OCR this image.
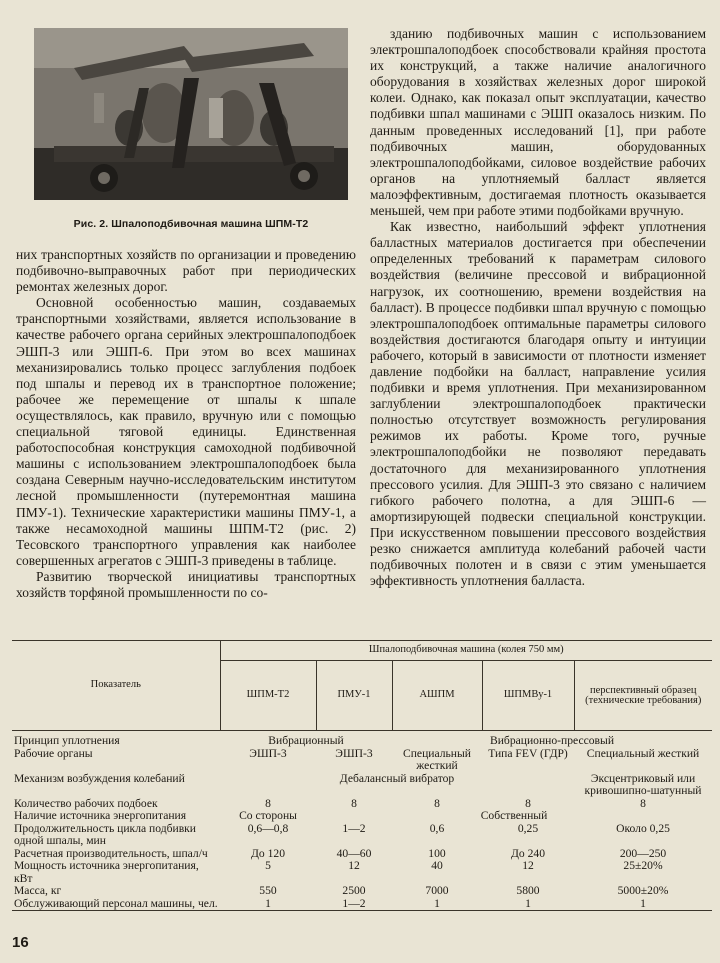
Рис. 2. Шпалоподбивочная машина ШПМ-Т2

них транспортных хозяйств по организации и проведению подбивочно-выправочных работ при периодических ремонтах железных дорог.

Основной особенностью машин, создаваемых транспортными хозяйствами, является использование в качестве рабочего органа серийных электрошпалоподбоек ЭШП-3 или ЭШП-6. При этом во всех машинах механизировались только процесс заглубления подбоек под шпалы и перевод их в транспортное положение; рабочее же перемещение от шпалы к шпале осуществлялось, как правило, вручную или с помощью специальной тяговой единицы. Единственная работоспособная конструкция самоходной подбивочной машины с использованием электрошпалоподбоек была создана Северным научно-исследовательским институтом лесной промышленности (путеремонтная машина ПМУ-1). Технические характеристики машины ПМУ-1, а также несамоходной машины ШПМ-Т2 (рис. 2) Тесовского транспортного управления как наиболее совершенных агрегатов с ЭШП-3 приведены в таблице.

Развитию творческой инициативы транспортных хозяйств торфяной промышленности по со-

зданию подбивочных машин с использованием электрошпалоподбоек способствовали крайняя простота их конструкций, а также наличие аналогичного оборудования в хозяйствах железных дорог широкой колеи. Однако, как показал опыт эксплуатации, качество подбивки шпал машинами с ЭШП оказалось низким. По данным проведенных исследований [1], при работе подбивочных машин, оборудованных электрошпалоподбойками, силовое воздействие рабочих органов на уплотняемый балласт является малоэффективным, достигаемая плотность оказывается меньшей, чем при работе этими подбойками вручную.

Как известно, наибольший эффект уплотнения балластных материалов достигается при обеспечении определенных требований к параметрам силового воздействия (величине прессовой и вибрационной нагрузок, их соотношению, времени воздействия на балласт). В процессе подбивки шпал вручную с помощью электрошпалоподбоек оптимальные параметры силового воздействия достигаются благодаря опыту и интуиции рабочего, который в зависимости от плотности изменяет давление подбойки на балласт, направление усилия подбивки и время уплотнения. При механизированном заглублении электрошпалоподбоек практически полностью отсутствует возможность регулирования режимов их работы. Кроме того, ручные электрошпалоподбойки не позволяют передавать достаточного для механизированного уплотнения прессового усилия. Для ЭШП-3 это связано с наличием гибкого рабочего полотна, а для ЭШП-6 — амортизирующей подвески специальной конструкции. При искусственном повышении прессового воздействия резко снижается амплитуда колебаний рабочей части подбивочных полотен и в связи с этим уменьшается эффективность уплотнения балласта.

Показатель	Шпалоподбивочная машина (колея 750 мм)				
	ШПМ-Т2	ПМУ-1	АШПМ	ШПМВу-1	перспективный образец (технические требования)
Принцип уплотнения	Вибрационный		Вибрационно-прессовый		
Рабочие органы	ЭШП-3	ЭШП-3	Специальный жесткий	Типа FEV (ГДР)	Специальный жесткий
Механизм возбуждения колебаний	Дебалансный вибратор				Эксцентриковый или кривошипно-шатунный
Количество рабочих подбоек	8	8	8	8	8
Наличие источника энергопитания	Со стороны	Собственный			
Продолжительность цикла подбивки одной шпалы, мин	0,6—0,8	1—2	0,6	0,25	Около 0,25
Расчетная производительность, шпал/ч	До 120	40—60	100	До 240	200—250
Мощность источника энергопитания, кВт	5	12	40	12	25±20%
Масса, кг	550	2500	7000	5800	5000±20%
Обслуживающий персонал машины, чел.	1	1—2	1	1	1
16
